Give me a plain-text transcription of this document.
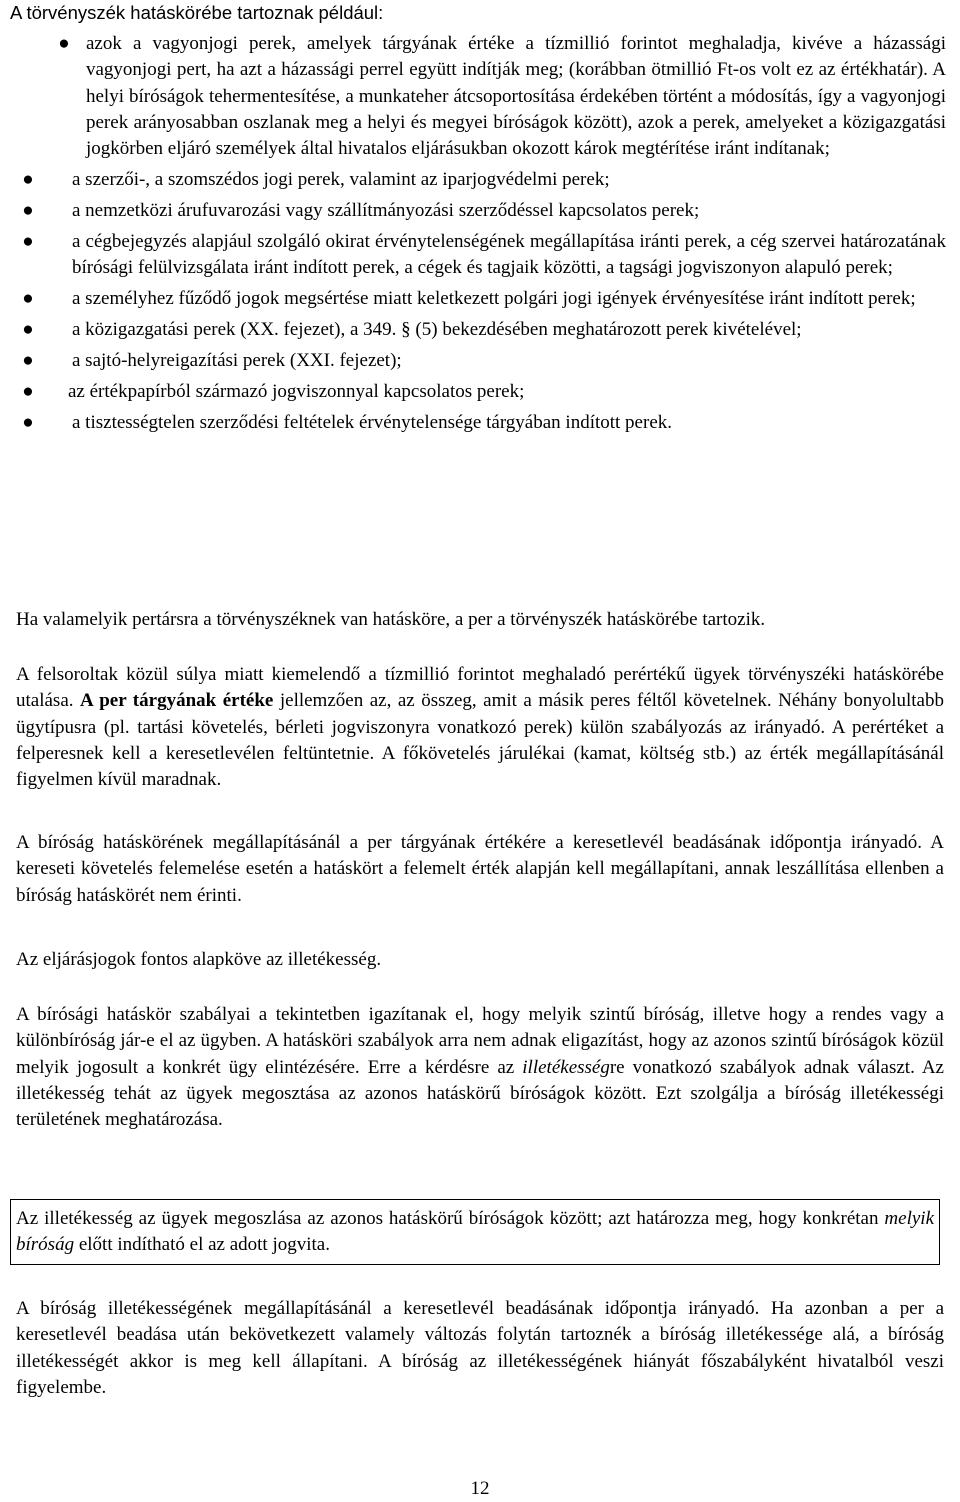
A törvényszék hatáskörébe tartoznak például:
● azok a vagyonjogi perek, amelyek tárgyának értéke a tízmillió forintot meghaladja, kivéve a házassági vagyonjogi pert, ha azt a házassági perrel együtt indítják meg; (korábban ötmillió Ft-os volt ez az értékhatár). A helyi bíróságok tehermentesítése, a munkateher átcsoportosítása érdekében történt a módosítás, így a vagyonjogi perek arányosabban oszlanak meg a helyi és megyei bíróságok között), azok a perek, amelyeket a közigazgatási jogkörben eljáró személyek által hivatalos eljárásukban okozott károk megtérítése iránt indítanak;
●	a szerzői-, a szomszédos jogi perek, valamint az iparjogvédelmi perek;
●	a nemzetközi árufuvarozási vagy szállítmányozási szerződéssel kapcsolatos perek;
●	a cégbejegyzés alapjául szolgáló okirat érvénytelenségének megállapítása iránti perek, a cég szervei határozatának bírósági felülvizsgálata iránt indított perek, a cégek és tagjaik közötti, a tagsági jogviszonyon alapuló perek;
●	a személyhez fűződő jogok megsértése miatt keletkezett polgári jogi igények érvényesítése iránt indított perek;
●	a közigazgatási perek (XX. fejezet), a 349. § (5) bekezdésében meghatározott perek kivételével;
●	a sajtó-helyreigazítási perek (XXI. fejezet);
●	az értékpapírból származó jogviszonnyal kapcsolatos perek;
●	a tisztességtelen szerződési feltételek érvénytelensége tárgyában indított perek.

Ha valamelyik pertársra a törvényszéknek van hatásköre, a per a törvényszék hatáskörébe tartozik.

A felsoroltak közül súlya miatt kiemelendő a tízmillió forintot meghaladó perértékű ügyek törvényszéki hatáskörébe utalása. A per tárgyának értéke jellemzően az, az összeg, amit a másik peres féltől követelnek. Néhány bonyolultabb ügytípusra (pl. tartási követelés, bérleti jogviszonyra vonatkozó perek) külön szabályozás az irányadó. A perértéket a felperesnek kell a keresetlevélen feltüntetnie. A főkövetelés járulékai (kamat, költség stb.) az érték megállapításánál figyelmen kívül maradnak.

A bíróság hatáskörének megállapításánál a per tárgyának értékére a keresetlevél beadásának időpontja irányadó. A kereseti követelés felemelése esetén a hatáskört a felemelt érték alapján kell megállapítani, annak leszállítása ellenben a bíróság hatáskörét nem érinti.

Az eljárásjogok fontos alapköve az illetékesség.

A bírósági hatáskör szabályai a tekintetben igazítanak el, hogy melyik szintű bíróság, illetve hogy a rendes vagy a különbíróság jár-e el az ügyben. A hatásköri szabályok arra nem adnak eligazítást, hogy az azonos szintű bíróságok közül melyik jogosult a konkrét ügy elintézésére. Erre a kérdésre az illetékességre vonatkozó szabályok adnak választ. Az illetékesség tehát az ügyek megosztása az azonos hatáskörű bíróságok között. Ezt szolgálja a bíróság illetékességi területének meghatározása.

Az illetékesség az ügyek megoszlása az azonos hatáskörű bíróságok között; azt határozza meg, hogy konkrétan melyik bíróság előtt indítható el az adott jogvita.

A bíróság illetékességének megállapításánál a keresetlevél beadásának időpontja irányadó. Ha azonban a per a keresetlevél beadása után bekövetkezett valamely változás folytán tartoznék a bíróság illetékessége alá, a bíróság illetékességét akkor is meg kell állapítani. A bíróság az illetékességének hiányát főszabályként hivatalból veszi figyelembe.

12
